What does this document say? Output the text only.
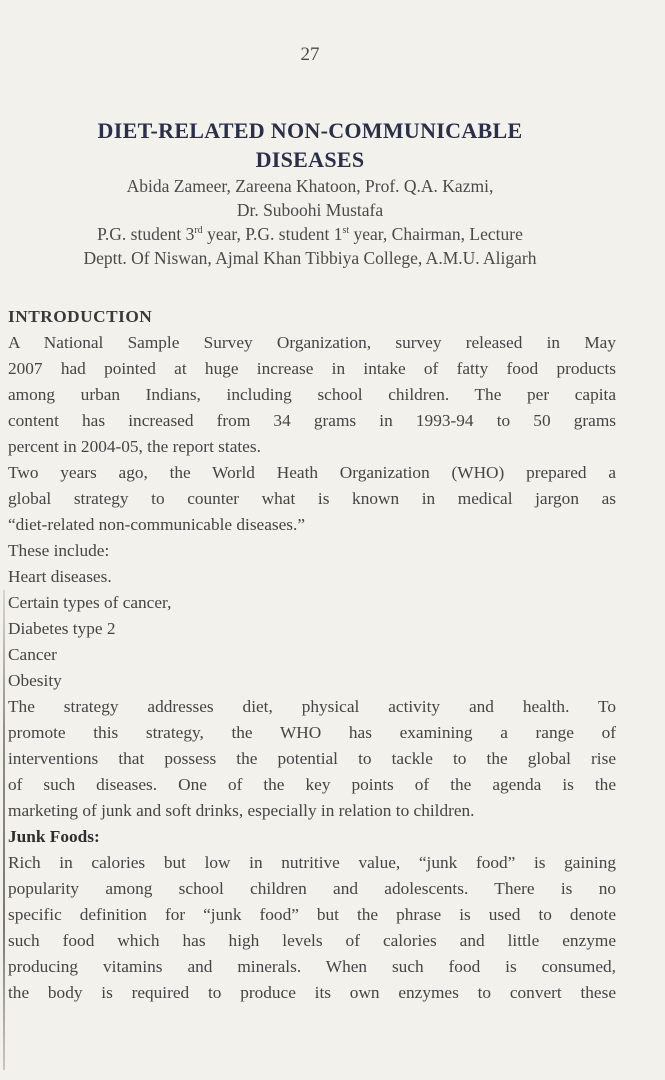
27
DIET-RELATED NON-COMMUNICABLE
DISEASES
Abida Zameer, Zareena Khatoon, Prof. Q.A. Kazmi,
Dr. Suboohi Mustafa
P.G. student 3rd year, P.G. student 1st year, Chairman, Lecture
Deptt. Of Niswan, Ajmal Khan Tibbiya College, A.M.U. Aligarh
INTRODUCTION
A National Sample Survey Organization, survey released in May
2007 had pointed at huge increase in intake of fatty food products
among urban Indians, including school children. The per capita
content has increased from 34 grams in 1993-94 to 50 grams
percent in 2004-05, the report states.
Two years ago, the World Heath Organization (WHO) prepared a
global strategy to counter what is known in medical jargon as
“diet-related non-communicable diseases.”
These include:
Heart diseases.
Certain types of cancer,
Diabetes type 2
Cancer
Obesity
The strategy addresses diet, physical activity and health. To
promote this strategy, the WHO has examining a range of
interventions that possess the potential to tackle to the global rise
of such diseases. One of the key points of the agenda is the
marketing of junk and soft drinks, especially in relation to children.
Junk Foods:
Rich in calories but low in nutritive value, “junk food” is gaining
popularity among school children and adolescents. There is no
specific definition for “junk food” but the phrase is used to denote
such food which has high levels of calories and little enzyme
producing vitamins and minerals. When such food is consumed,
the body is required to produce its own enzymes to convert these
